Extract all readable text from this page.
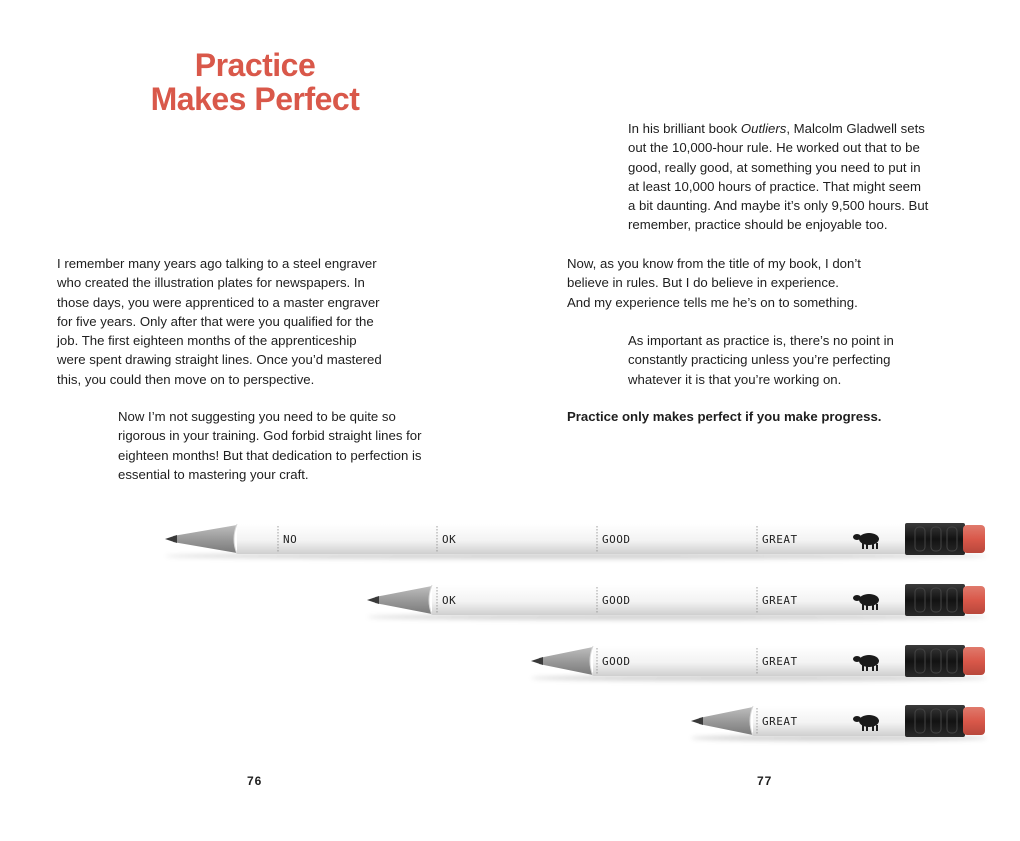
Practice
Makes Perfect

I remember many years ago talking to a steel engraver
who created the illustration plates for newspapers. In
those days, you were apprenticed to a master engraver
for five years. Only after that were you qualified for the
job. The first eighteen months of the apprenticeship
were spent drawing straight lines. Once you’d mastered
this, you could then move on to perspective.

Now I’m not suggesting you need to be quite so
rigorous in your training. God forbid straight lines for
eighteen months! But that dedication to perfection is
essential to mastering your craft.

In his brilliant book Outliers, Malcolm Gladwell sets
out the 10,000-hour rule. He worked out that to be
good, really good, at something you need to put in
at least 10,000 hours of practice. That might seem
a bit daunting. And maybe it’s only 9,500 hours. But
remember, practice should be enjoyable too.

Now, as you know from the title of my book, I don’t
believe in rules. But I do believe in experience.
And my experience tells me he’s on to something.

As important as practice is, there’s no point in
constantly practicing unless you’re perfecting
whatever it is that you’re working on.

Practice only makes perfect if you make progress.

NO	OK	GOOD	GREAT
OK	GOOD	GREAT
GOOD	GREAT
GREAT
76	77
